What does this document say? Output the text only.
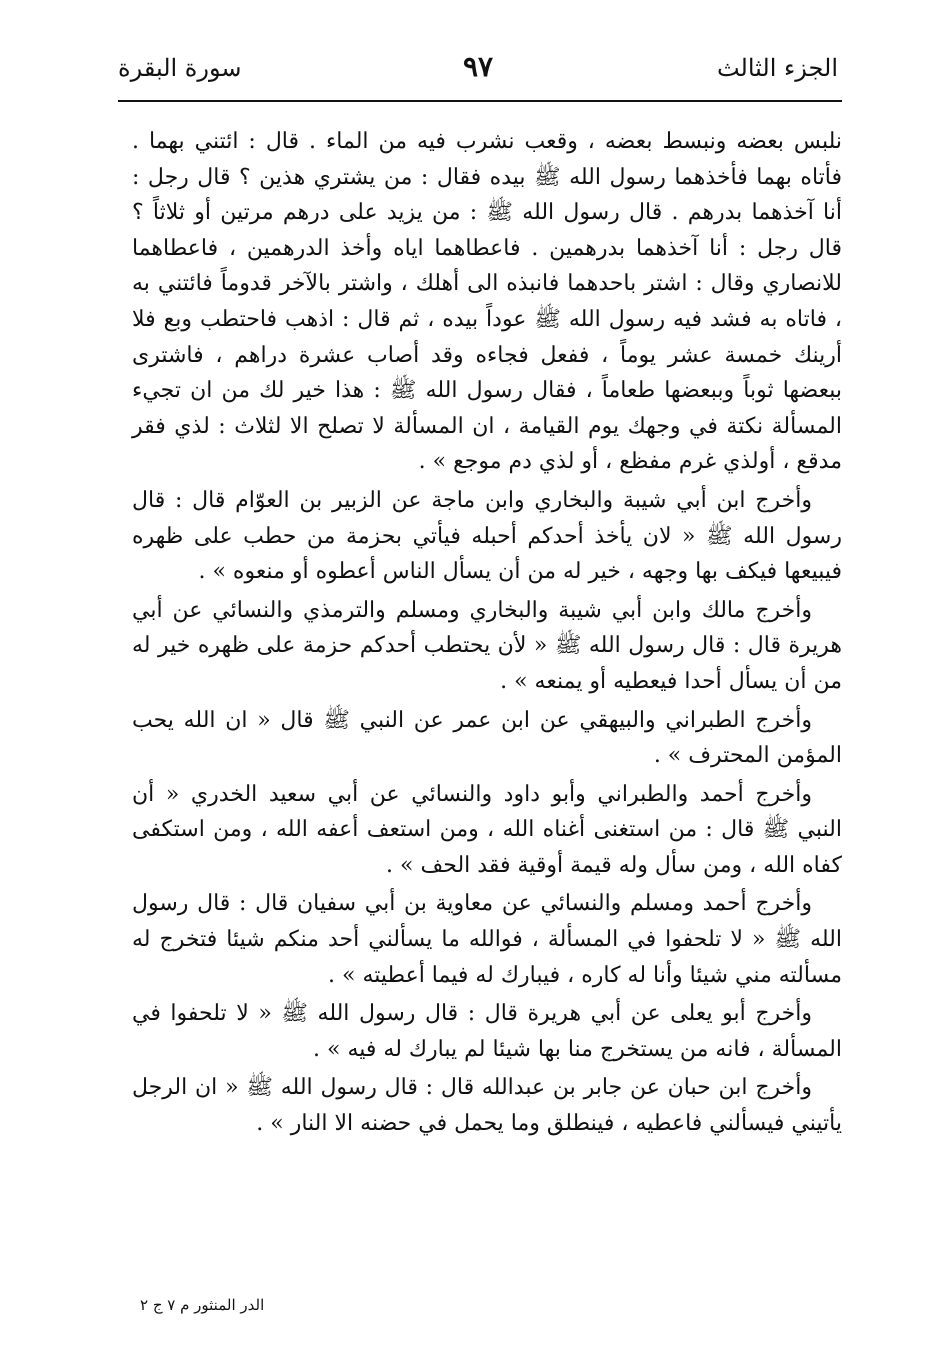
الجزء الثالث
٩٧
سورة البقرة

نلبس بعضه ونبسط بعضه ، وقعب نشرب فيه من الماء . قال : ائتني بهما . فأتاه بهما فأخذهما رسول الله ﷺ بيده فقال : من يشتري هذين ؟ قال رجل : أنا آخذهما بدرهم . قال رسول الله ﷺ : من يزيد على درهم مرتين أو ثلاثاً ؟ قال رجل : أنا آخذهما بدرهمين . فاعطاهما اياه وأخذ الدرهمين ، فاعطاهما للانصاري وقال : اشتر باحدهما فانبذه الى أهلك ، واشتر بالآخر قدوماً فائتني به ، فاتاه به فشد فيه رسول الله ﷺ عوداً بيده ، ثم قال : اذهب فاحتطب وبع فلا أرينك خمسة عشر يوماً ، ففعل فجاءه وقد أصاب عشرة دراهم ، فاشترى ببعضها ثوباً وببعضها طعاماً ، فقال رسول الله ﷺ : هذا خير لك من ان تجيء المسألة نكتة في وجهك يوم القيامة ، ان المسألة لا تصلح الا لثلاث : لذي فقر مدقع ، أولذي غرم مفظع ، أو لذي دم موجع » .

وأخرج ابن أبي شيبة والبخاري وابن ماجة عن الزبير بن العوّام قال : قال رسول الله ﷺ « لان يأخذ أحدكم أحبله فيأتي بحزمة من حطب على ظهره فيبيعها فيكف بها وجهه ، خير له من أن يسأل الناس أعطوه أو منعوه » .

وأخرج مالك وابن أبي شيبة والبخاري ومسلم والترمذي والنسائي عن أبي هريرة قال : قال رسول الله ﷺ « لأن يحتطب أحدكم حزمة على ظهره خير له من أن يسأل أحدا فيعطيه أو يمنعه » .

وأخرج الطبراني والبيهقي عن ابن عمر عن النبي ﷺ قال « ان الله يحب المؤمن المحترف » .

وأخرج أحمد والطبراني وأبو داود والنسائي عن أبي سعيد الخدري « أن النبي ﷺ قال : من استغنى أغناه الله ، ومن استعف أعفه الله ، ومن استكفى كفاه الله ، ومن سأل وله قيمة أوقية فقد الحف » .

وأخرج أحمد ومسلم والنسائي عن معاوية بن أبي سفيان قال : قال رسول الله ﷺ « لا تلحفوا في المسألة ، فوالله ما يسألني أحد منكم شيئا فتخرج له مسألته مني شيئا وأنا له كاره ، فيبارك له فيما أعطيته » .

وأخرج أبو يعلى عن أبي هريرة قال : قال رسول الله ﷺ « لا تلحفوا في المسألة ، فانه من يستخرج منا بها شيئا لم يبارك له فيه » .

وأخرج ابن حبان عن جابر بن عبدالله قال : قال رسول الله ﷺ « ان الرجل يأتيني فيسألني فاعطيه ، فينطلق وما يحمل في حضنه الا النار » .

الدر المنثور م ٧ ج ٢
